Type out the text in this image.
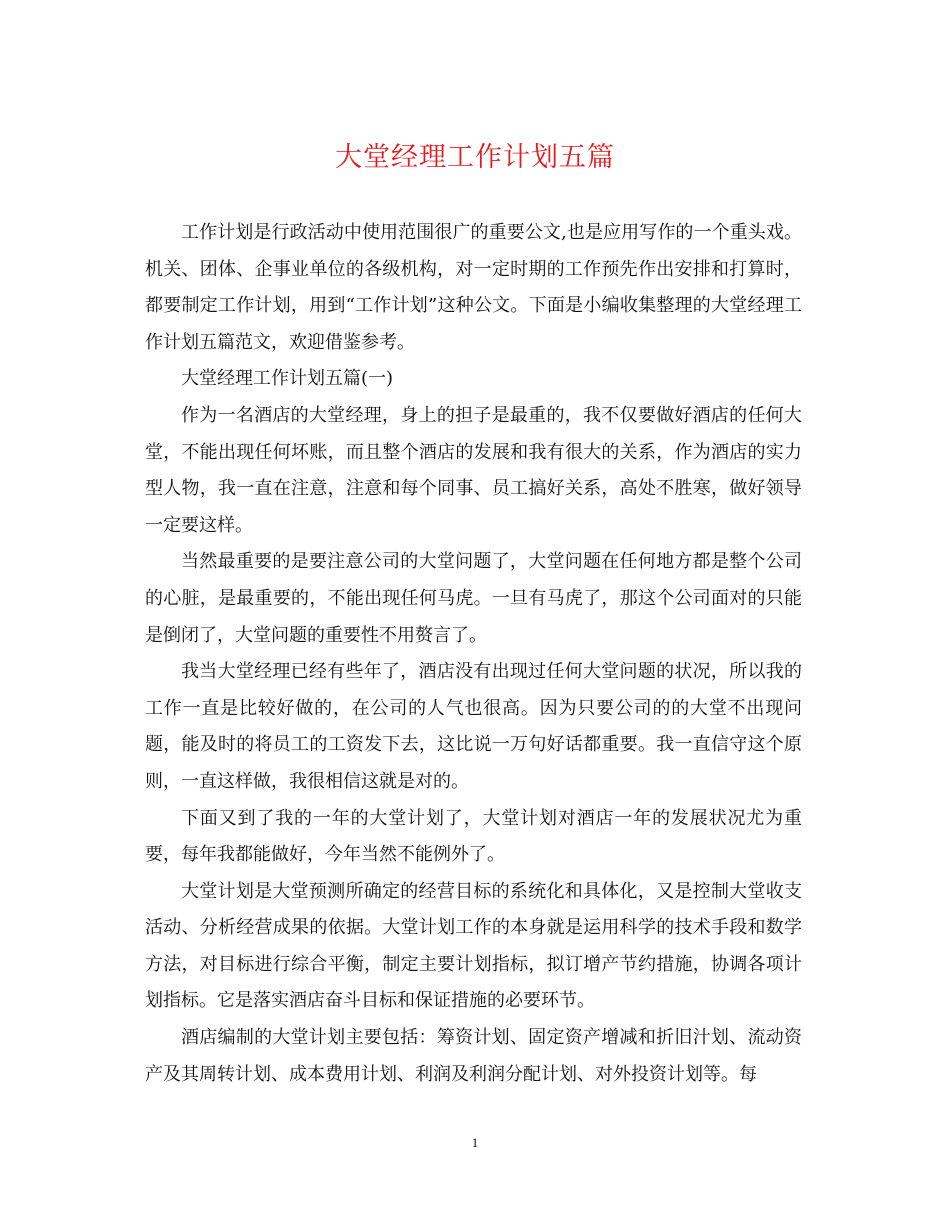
大堂经理工作计划五篇

工作计划是行政活动中使用范围很广的重要公文,也是应用写作的一个重头戏。机关、团体、企事业单位的各级机构，对一定时期的工作预先作出安排和打算时，都要制定工作计划，用到“工作计划”这种公文。下面是小编收集整理的大堂经理工作计划五篇范文，欢迎借鉴参考。

大堂经理工作计划五篇(一)

作为一名酒店的大堂经理，身上的担子是最重的，我不仅要做好酒店的任何大堂，不能出现任何坏账，而且整个酒店的发展和我有很大的关系，作为酒店的实力型人物，我一直在注意，注意和每个同事、员工搞好关系，高处不胜寒，做好领导一定要这样。

当然最重要的是要注意公司的大堂问题了，大堂问题在任何地方都是整个公司的心脏，是最重要的，不能出现任何马虎。一旦有马虎了，那这个公司面对的只能是倒闭了，大堂问题的重要性不用赘言了。

我当大堂经理已经有些年了，酒店没有出现过任何大堂问题的状况，所以我的工作一直是比较好做的，在公司的人气也很高。因为只要公司的的大堂不出现问题，能及时的将员工的工资发下去，这比说一万句好话都重要。我一直信守这个原则，一直这样做，我很相信这就是对的。

下面又到了我的一年的大堂计划了，大堂计划对酒店一年的发展状况尤为重要，每年我都能做好，今年当然不能例外了。

大堂计划是大堂预测所确定的经营目标的系统化和具体化，又是控制大堂收支活动、分析经营成果的依据。大堂计划工作的本身就是运用科学的技术手段和数学方法，对目标进行综合平衡，制定主要计划指标，拟订增产节约措施，协调各项计划指标。它是落实酒店奋斗目标和保证措施的必要环节。

酒店编制的大堂计划主要包括：筹资计划、固定资产增减和折旧汁划、流动资产及其周转计划、成本费用计划、利润及利润分配计划、对外投资计划等。每

1
